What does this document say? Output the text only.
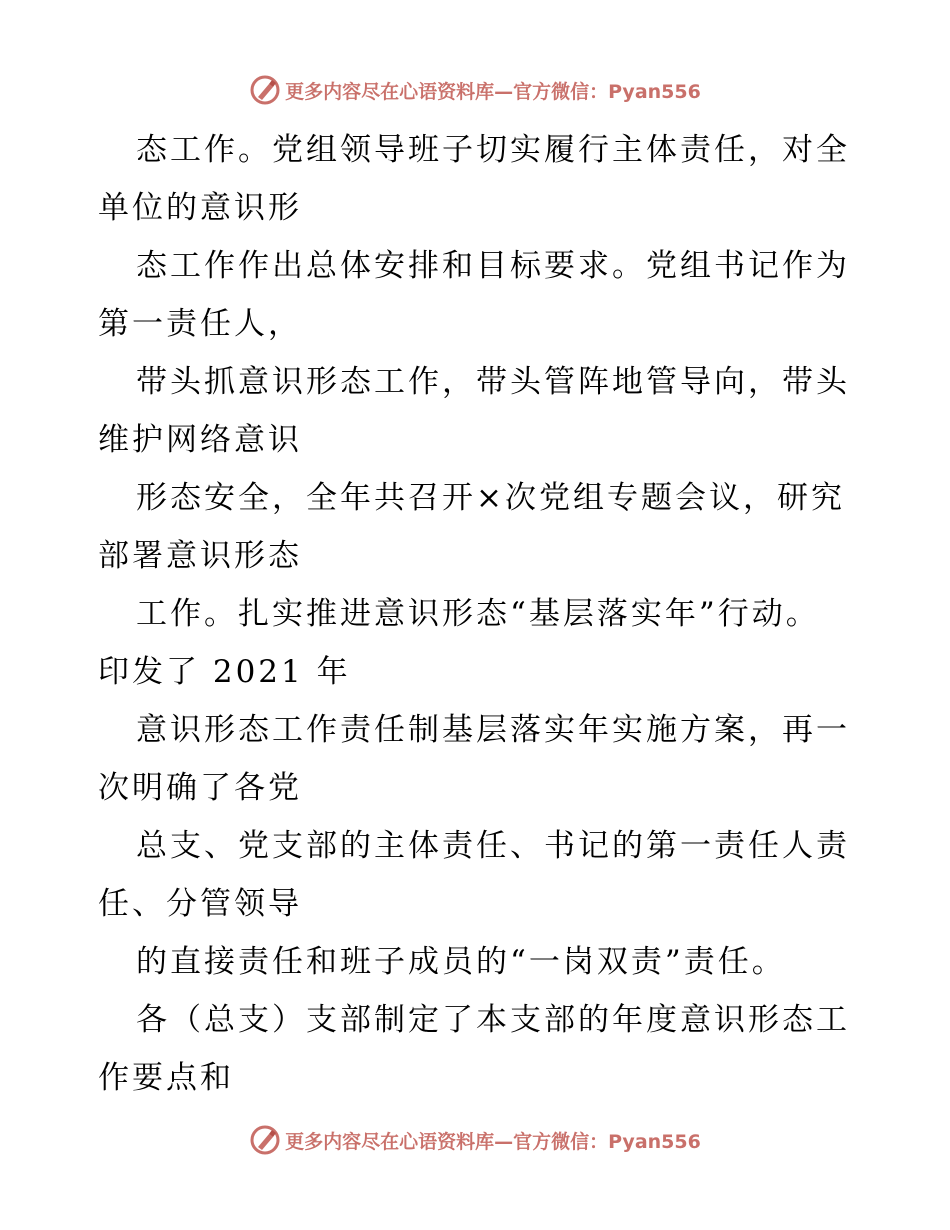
更多内容尽在心语资料库—官方微信：Pyan556

态工作。党组领导班子切实履行主体责任，对全
单位的意识形

态工作作出总体安排和目标要求。党组书记作为
第一责任人，

带头抓意识形态工作，带头管阵地管导向，带头
维护网络意识

形态安全，全年共召开×次党组专题会议，研究
部署意识形态

工作。扎实推进意识形态“基层落实年”行动。
印发了 2021 年

意识形态工作责任制基层落实年实施方案，再一
次明确了各党

总支、党支部的主体责任、书记的第一责任人责
任、分管领导

的直接责任和班子成员的“一岗双责”责任。

各（总支）支部制定了本支部的年度意识形态工
作要点和

更多内容尽在心语资料库—官方微信：Pyan556
